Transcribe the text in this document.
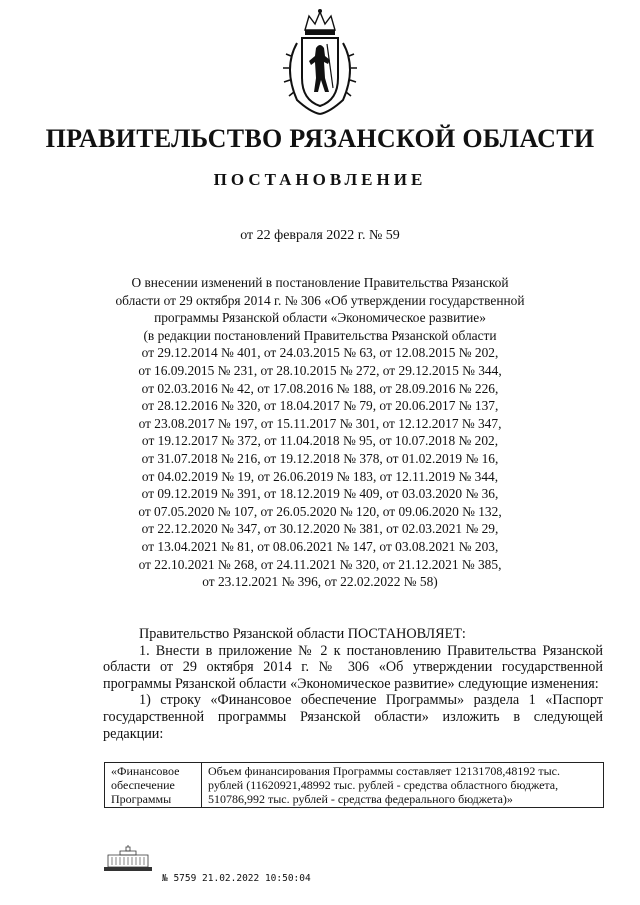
ПРАВИТЕЛЬСТВО РЯЗАНСКОЙ ОБЛАСТИ
ПОСТАНОВЛЕНИЕ
от 22 февраля 2022 г. № 59
О внесении изменений в постановление Правительства Рязанской
области от 29 октября 2014 г. № 306 «Об утверждении государственной
программы Рязанской области «Экономическое развитие»
(в редакции постановлений Правительства Рязанской области
от 29.12.2014 № 401, от 24.03.2015 № 63, от 12.08.2015 № 202,
от 16.09.2015 № 231, от 28.10.2015 № 272, от 29.12.2015 № 344,
от 02.03.2016 № 42, от 17.08.2016 № 188, от 28.09.2016 № 226,
от 28.12.2016 № 320, от 18.04.2017 № 79, от 20.06.2017 № 137,
от 23.08.2017 № 197, от 15.11.2017 № 301, от 12.12.2017 № 347,
от 19.12.2017 № 372, от 11.04.2018 № 95, от 10.07.2018 № 202,
от 31.07.2018 № 216, от 19.12.2018 № 378, от 01.02.2019 № 16,
от 04.02.2019 № 19, от 26.06.2019 № 183, от 12.11.2019 № 344,
от 09.12.2019 № 391, от 18.12.2019 № 409, от 03.03.2020 № 36,
от 07.05.2020 № 107, от 26.05.2020 № 120, от 09.06.2020 № 132,
от 22.12.2020 № 347, от 30.12.2020 № 381, от 02.03.2021 № 29,
от 13.04.2021 № 81, от 08.06.2021 № 147, от 03.08.2021 № 203,
от 22.10.2021 № 268, от 24.11.2021 № 320, от 21.12.2021 № 385,
от 23.12.2021 № 396, от 22.02.2022 № 58)

Правительство Рязанской области ПОСТАНОВЛЯЕТ:

1. Внести в приложение № 2 к постановлению Правительства Рязанской области от 29 октября 2014 г. № 306 «Об утверждении государственной программы Рязанской области «Экономическое развитие» следующие изменения:

1) строку «Финансовое обеспечение Программы» раздела 1 «Паспорт государственной программы Рязанской области» изложить в следующей редакции:

«Финансовое обеспечение Программы	Объем финансирования Программы составляет 12131708,48192 тыс. рублей (11620921,48992 тыс. рублей - средства областного бюджета, 510786,992 тыс. рублей - средства федерального бюджета)»
№ 5759 21.02.2022 10:50:04
